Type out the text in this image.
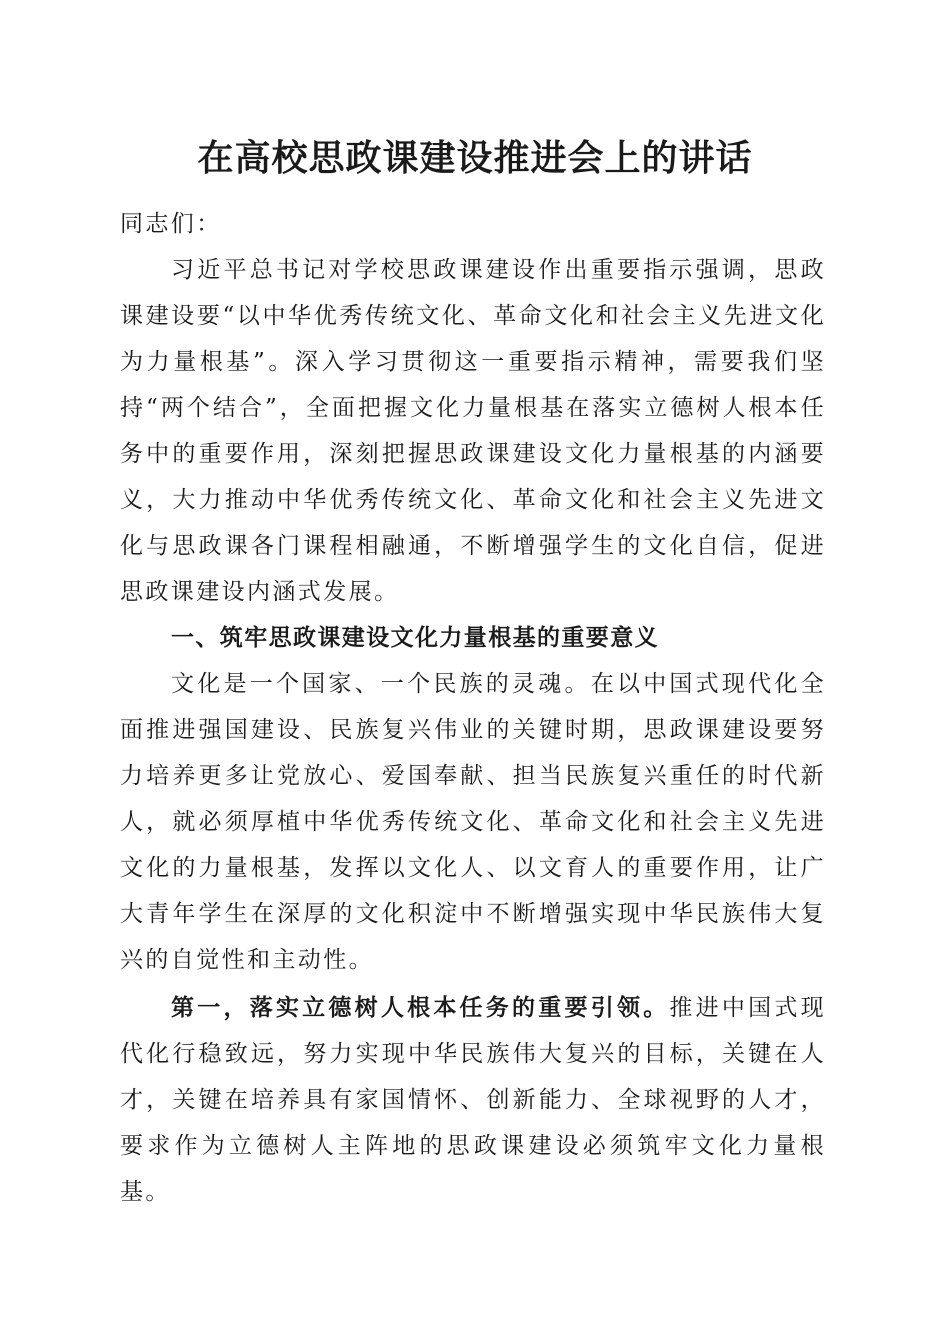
在高校思政课建设推进会上的讲话

同志们：

习近平总书记对学校思政课建设作出重要指示强调，思政课建设要“以中华优秀传统文化、革命文化和社会主义先进文化为力量根基”。深入学习贯彻这一重要指示精神，需要我们坚持“两个结合”，全面把握文化力量根基在落实立德树人根本任务中的重要作用，深刻把握思政课建设文化力量根基的内涵要义，大力推动中华优秀传统文化、革命文化和社会主义先进文化与思政课各门课程相融通，不断增强学生的文化自信，促进思政课建设内涵式发展。

一、筑牢思政课建设文化力量根基的重要意义

文化是一个国家、一个民族的灵魂。在以中国式现代化全面推进强国建设、民族复兴伟业的关键时期，思政课建设要努力培养更多让党放心、爱国奉献、担当民族复兴重任的时代新人，就必须厚植中华优秀传统文化、革命文化和社会主义先进文化的力量根基，发挥以文化人、以文育人的重要作用，让广大青年学生在深厚的文化积淀中不断增强实现中华民族伟大复兴的自觉性和主动性。

第一，落实立德树人根本任务的重要引领。推进中国式现代化行稳致远，努力实现中华民族伟大复兴的目标，关键在人才，关键在培养具有家国情怀、创新能力、全球视野的人才，要求作为立德树人主阵地的思政课建设必须筑牢文化力量根基。
